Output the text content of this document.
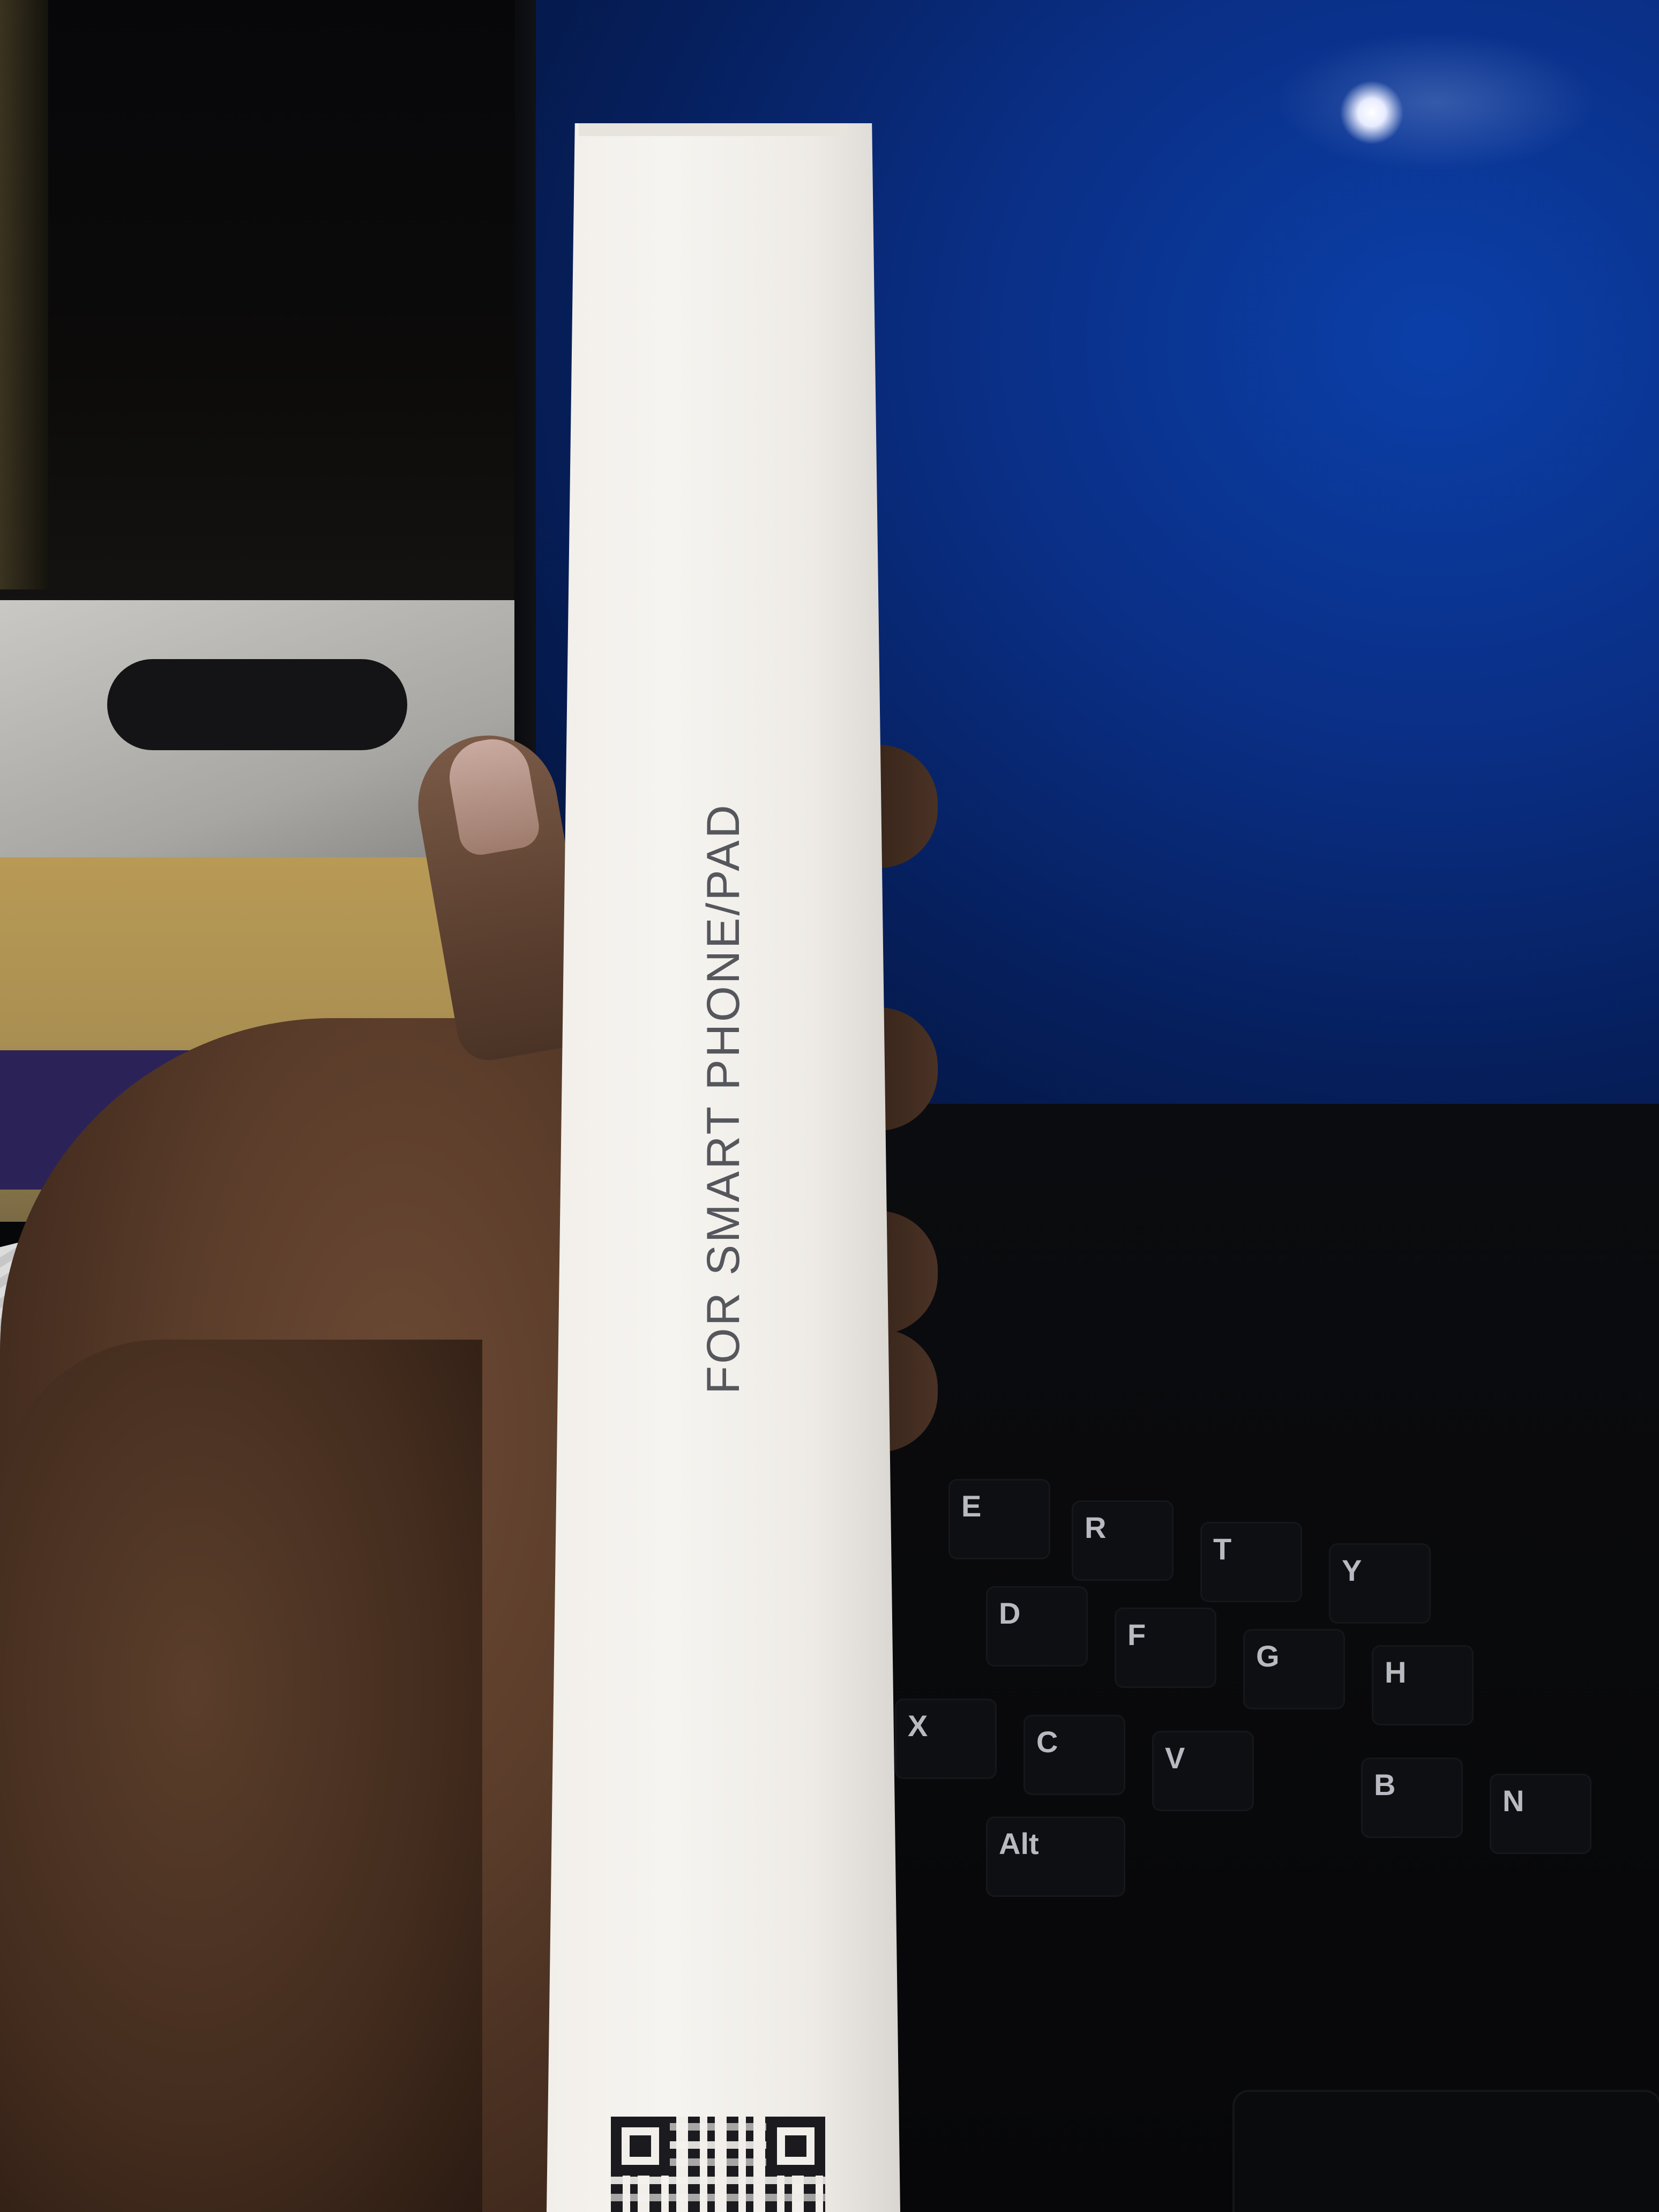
E
R
T
Y
D
F
G	H
X	C	V
B	N
Alt
FOR SMART PHONE/PAD
